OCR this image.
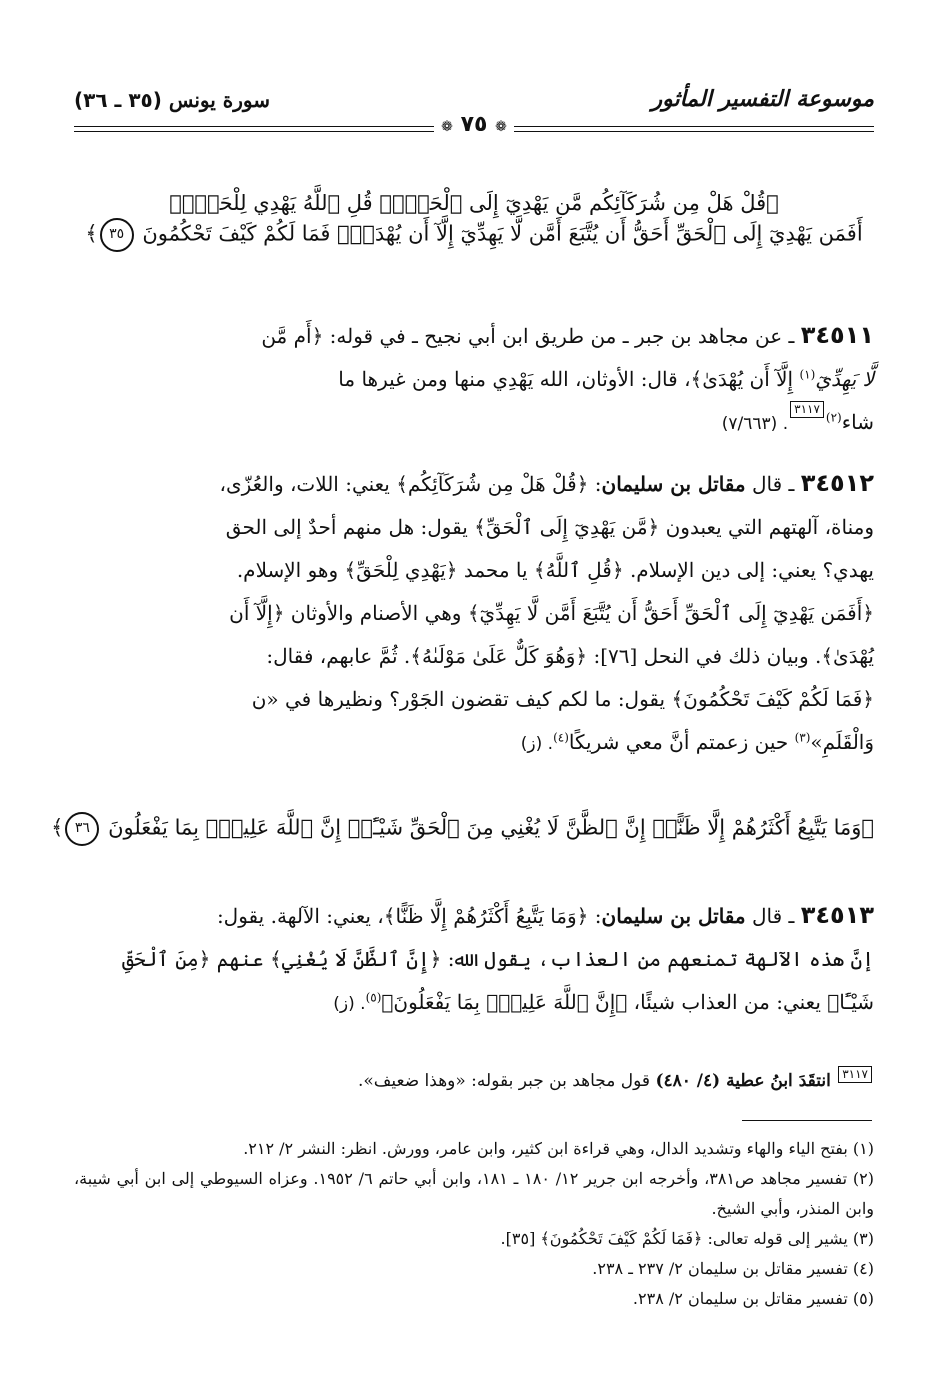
موسوعة التفسير المأثور
سورة يونس (٣٥ ـ ٣٦)
❁ ٧٥ ❁
﴿قُلْ هَلْ مِن شُرَكَآئِكُم مَّن يَهْدِيٓ إِلَى ٱلْحَقِّۚ قُلِ ٱللَّهُ يَهْدِي لِلْحَقِّۗ
أَفَمَن يَهْدِيٓ إِلَى ٱلْحَقِّ أَحَقُّ أَن يُتَّبَعَ أَمَّن لَّا يَهِدِّيٓ إِلَّآ أَن يُهْدَىٰۖ فَمَا لَكُمْ كَيْفَ تَحْكُمُونَ ٣٥﴾
٣٤٥١١ ـ عن مجاهد بن جبر ـ من طريق ابن أبي نجيح ـ في قوله: ﴿أَم مَّن
لَّا يَهِدِّيٓ$^{(١)}$ إِلَّآ أَن يُهْدَىٰ﴾، قال: الأوثان، الله يَهْدِي منها ومن غيرها ما
شاء$^{(٢)}$٣١١٧. (٧/٦٦٣)
٣٤٥١٢ ـ قال مقاتل بن سليمان: ﴿قُلْ هَلْ مِن شُرَكَآئِكُم﴾ يعني: اللات، والعُزّى،
ومناة، آلهتهم التي يعبدون ﴿مَّن يَهْدِيٓ إِلَى ٱلْحَقِّ﴾ يقول: هل منهم أحدٌ إلى الحق
يهدي؟ يعني: إلى دين الإسلام. ﴿قُلِ ٱللَّهُ﴾ يا محمد ﴿يَهْدِي لِلْحَقِّ﴾ وهو الإسلام.
﴿أَفَمَن يَهْدِيٓ إِلَى ٱلْحَقِّ أَحَقُّ أَن يُتَّبَعَ أَمَّن لَّا يَهِدِّيٓ﴾ وهي الأصنام والأوثان ﴿إِلَّآ أَن
يُهْدَىٰ﴾. وبيان ذلك في النحل [٧٦]: ﴿وَهُوَ كَلٌّ عَلَىٰ مَوْلَىٰهُ﴾. ثُمَّ عابهم، فقال:
﴿فَمَا لَكُمْ كَيْفَ تَحْكُمُونَ﴾ يقول: ما لكم كيف تقضون الجَوْر؟ ونظيرها في «ن
وَالْقَلَمِ»$^{(٣)}$ حين زعمتم أنَّ معي شريكًا$^{(٤)}$. (ز)
﴿وَمَا يَتَّبِعُ أَكْثَرُهُمْ إِلَّا ظَنًّاۚ إِنَّ ٱلظَّنَّ لَا يُغْنِي مِنَ ٱلْحَقِّ شَيْـًٔاۚ إِنَّ ٱللَّهَ عَلِيمٌۢ بِمَا يَفْعَلُونَ ٣٦﴾
٣٤٥١٣ ـ قال مقاتل بن سليمان: ﴿وَمَا يَتَّبِعُ أَكْثَرُهُمْ إِلَّا ظَنًّا﴾، يعني: الآلهة. يقول:
إنَّ هذه الآلهة تمنعهم من العذاب، يقول الله: ﴿إِنَّ ٱلظَّنَّ لَا يُغْنِي﴾ عنهم ﴿مِنَ ٱلْحَقِّ
شَيْـًٔا﴾ يعني: من العذاب شيئًا، ﴿إِنَّ ٱللَّهَ عَلِيمٌۢ بِمَا يَفْعَلُونَ﴾$^{(٥)}$. (ز)
٣١١٧ انتقَدَ ابنُ عطية (٤/ ٤٨٠) قول مجاهد بن جبر بقوله: «وهذا ضعيف».
(١) بفتح الياء والهاء وتشديد الدال، وهي قراءة ابن كثير، وابن عامر، وورش. انظر: النشر ٢/ ٢١٢.
(٢) تفسير مجاهد ص٣٨١، وأخرجه ابن جرير ١٢/ ١٨٠ ـ ١٨١، وابن أبي حاتم ٦/ ١٩٥٢. وعزاه السيوطي إلى ابن أبي شيبة، وابن المنذر، وأبي الشيخ.
(٣) يشير إلى قوله تعالى: ﴿فَمَا لَكُمْ كَيْفَ تَحْكُمُونَ﴾ [٣٥].
(٤) تفسير مقاتل بن سليمان ٢/ ٢٣٧ ـ ٢٣٨.
(٥) تفسير مقاتل بن سليمان ٢/ ٢٣٨.
